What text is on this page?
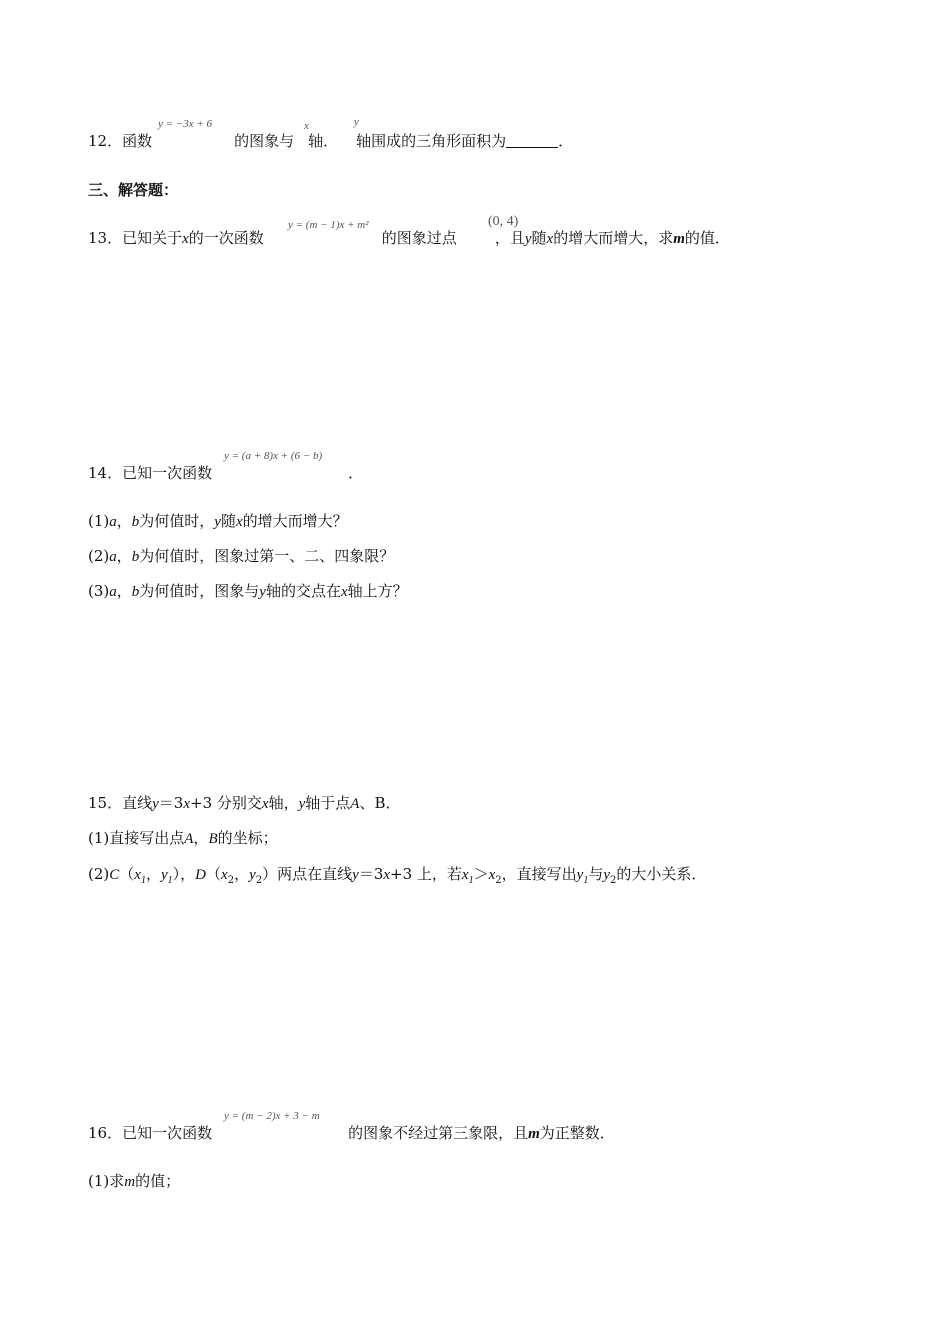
y = −3x + 6	x	y
12．函数	的图象与 轴． 轴围成的三角形面积为	．
三、解答题：
y = (m − 1)x + m²	(0, 4)
13．已知关于x的一次函数	的图象过点	，且y随x的增大而增大，求m的值．
y = (a + 8)x + (6 − b)
14．已知一次函数	．
(1)a，b为何值时，y随x的增大而增大？
(2)a，b为何值时，图象过第一、二、四象限？
(3)a，b为何值时，图象与y轴的交点在x轴上方？
15．直线y＝3x+3 分别交x轴，y轴于点A、B．
(1)直接写出点A，B的坐标；
$(2)C(x_1$，$y_1$），$D(x_2$，$y_2$）两点在直线y＝3x+3 上，若$x_1>x_2$，直接写出$y_1$与$y_2$的大小关系．
y = (m − 2)x + 3 − m
16．已知一次函数	的图象不经过第三象限，且m为正整数．
(1)求m的值；
